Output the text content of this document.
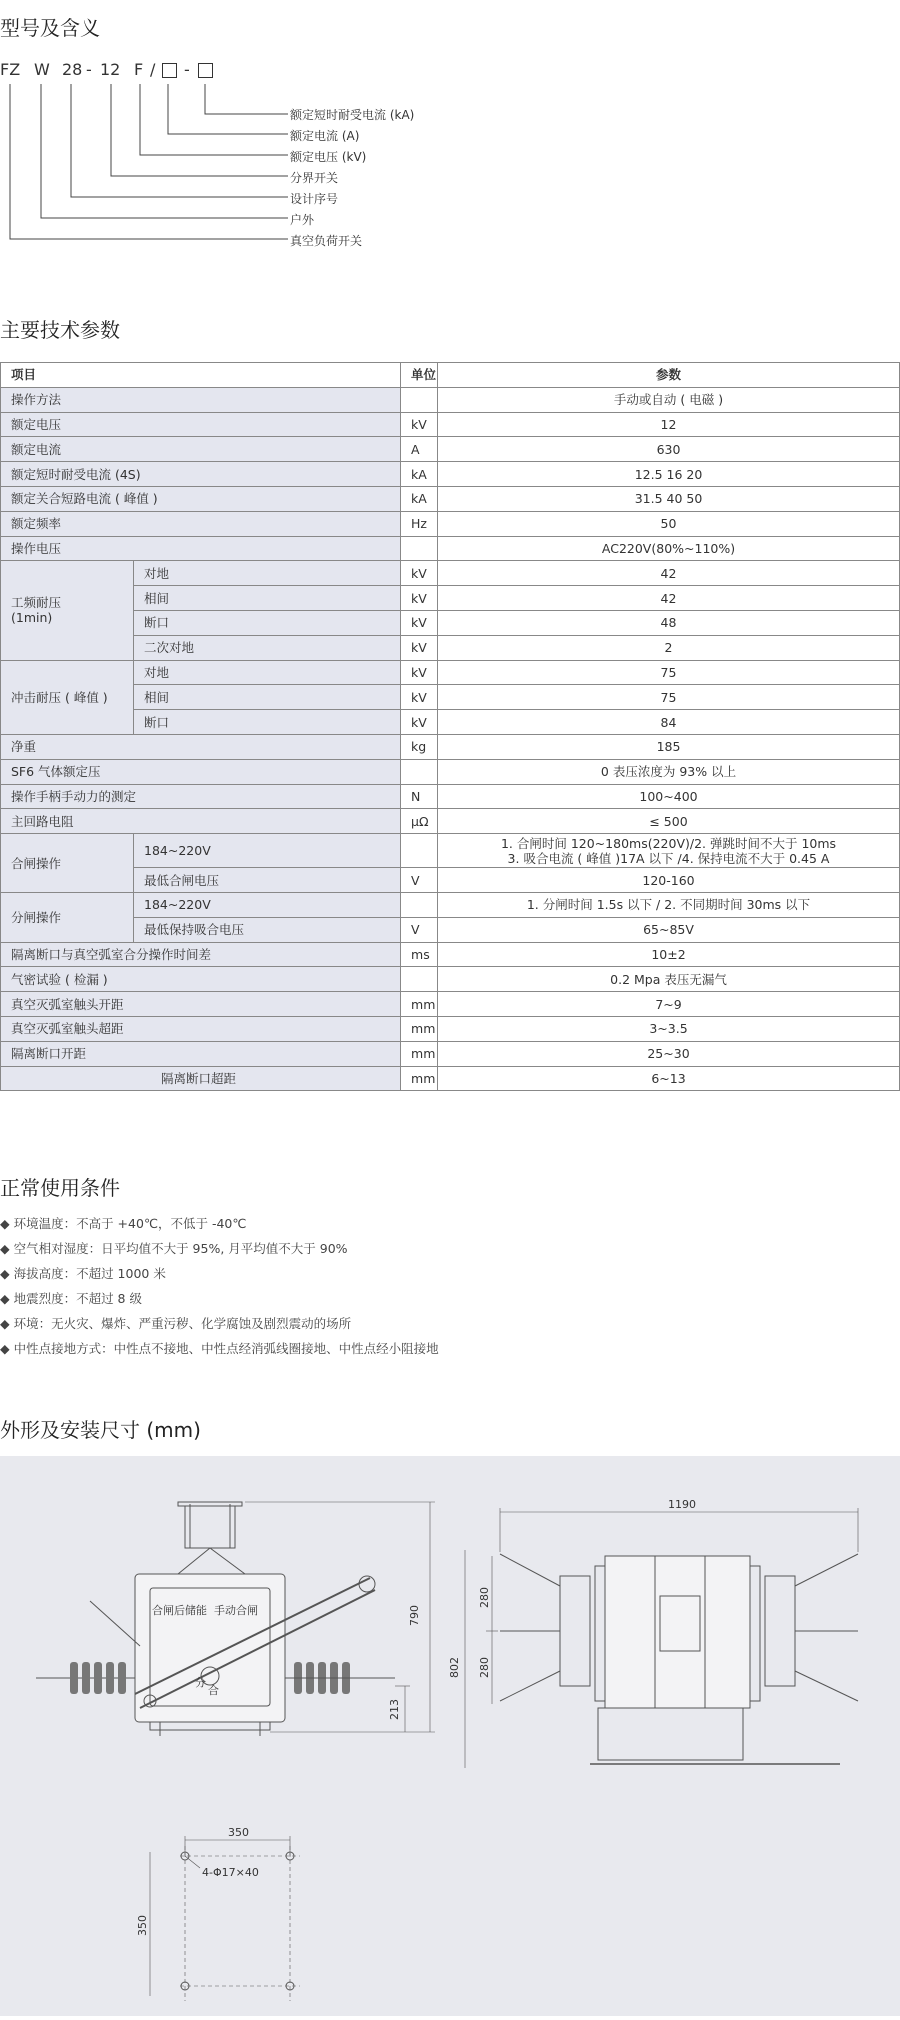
型号及含义
FZ W 28 - 12 F / -
额定短时耐受电流 (kA)
额定电流 (A)
额定电压 (kV)
分界开关
设计序号
户外
真空负荷开关
主要技术参数
项目		单位	参数
操作方法			手动或自动 ( 电磁 )
额定电压		kV	12
额定电流		A	630
额定短时耐受电流 (4S)		kA	12.5 16 20
额定关合短路电流 ( 峰值 )		kA	31.5 40 50
额定频率		Hz	50
操作电压			AC220V(80%~110%)
工频耐压
(1min)	对地	kV	42
	相间	kV	42
	断口	kV	48
	二次对地	kV	2
冲击耐压 ( 峰值 )	对地	kV	75
	相间	kV	75
	断口	kV	84
净重		kg	185
SF6 气体额定压			0 表压浓度为 93% 以上
操作手柄手动力的测定		N	100~400
主回路电阻		μΩ	≤ 500
合闸操作	184~220V		1. 合闸时间 120~180ms(220V)/2. 弹跳时间不大于 10ms
3. 吸合电流 ( 峰值 )17A 以下 /4. 保持电流不大于 0.45 A

	最低合闸电压	V	120-160
分闸操作	184~220V		1. 分闸时间 1.5s 以下 / 2. 不同期时间 30ms 以下
	最低保持吸合电压	V	65~85V
隔离断口与真空弧室合分操作时间差		ms	10±2
气密试验 ( 检漏 )			0.2 Mpa 表压无漏气
真空灭弧室触头开距		mm	7~9
真空灭弧室触头超距		mm	3~3.5
隔离断口开距		mm	25~30
隔离断口超距		mm	6~13
正常使用条件
◆ 环境温度：不高于 +40℃，不低于 -40℃
◆ 空气相对湿度：日平均值不大于 95%, 月平均值不大于 90%
◆ 海拔高度：不超过 1000 米
◆ 地震烈度：不超过 8 级
◆ 环境：无火灾、爆炸、严重污秽、化学腐蚀及剧烈震动的场所
◆ 中性点接地方式：中性点不接地、中性点经消弧线圈接地、中性点经小阻接地
外形及安装尺寸 (mm)
合闸后储能 手动合闸
分
合
790
213
1190
802
280
280
350
350
4-Φ17×40
